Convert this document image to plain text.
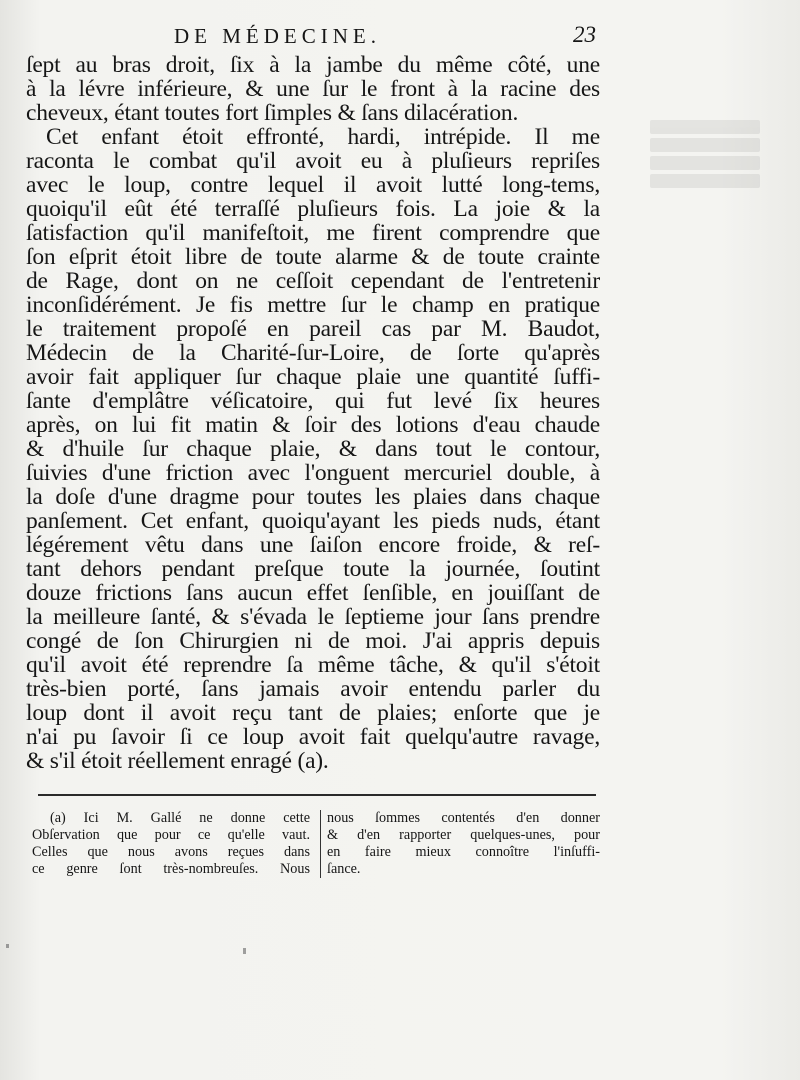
DE MÉDECINE.	23
ſept au bras droit, ſix à la jambe du même côté, une
à la lévre inférieure, & une ſur le front à la racine des
cheveux, étant toutes fort ſimples & ſans dilacération.
Cet enfant étoit effronté, hardi, intrépide. Il me
raconta le combat qu'il avoit eu à pluſieurs repriſes
avec le loup, contre lequel il avoit lutté long-tems,
quoiqu'il eût été terraſſé pluſieurs fois. La joie & la
ſatisfaction qu'il manifeſtoit, me firent comprendre que
ſon eſprit étoit libre de toute alarme & de toute crainte
de Rage, dont on ne ceſſoit cependant de l'entretenir
inconſidérément. Je fis mettre ſur le champ en pratique
le traitement propoſé en pareil cas par M. Baudot,
Médecin de la Charité-ſur-Loire, de ſorte qu'après
avoir fait appliquer ſur chaque plaie une quantité ſuffi-
ſante d'emplâtre véſicatoire, qui fut levé ſix heures
après, on lui fit matin & ſoir des lotions d'eau chaude
& d'huile ſur chaque plaie, & dans tout le contour,
ſuivies d'une friction avec l'onguent mercuriel double, à
la doſe d'une dragme pour toutes les plaies dans chaque
panſement. Cet enfant, quoiqu'ayant les pieds nuds, étant
légérement vêtu dans une ſaiſon encore froide, & reſ-
tant dehors pendant preſque toute la journée, ſoutint
douze frictions ſans aucun effet ſenſible, en jouiſſant de
la meilleure ſanté, & s'évada le ſeptieme jour ſans prendre
congé de ſon Chirurgien ni de moi. J'ai appris depuis
qu'il avoit été reprendre ſa même tâche, & qu'il s'étoit
très-bien porté, ſans jamais avoir entendu parler du
loup dont il avoit reçu tant de plaies; enſorte que je
n'ai pu ſavoir ſi ce loup avoit fait quelqu'autre ravage,
& s'il étoit réellement enragé (a).
(a) Ici M. Gallé ne donne cette
Obſervation que pour ce qu'elle vaut.
Celles que nous avons reçues dans
ce genre ſont très-nombreuſes. Nous
nous ſommes contentés d'en donner
& d'en rapporter quelques-unes, pour
en faire mieux connoître l'inſuffi-
ſance.
